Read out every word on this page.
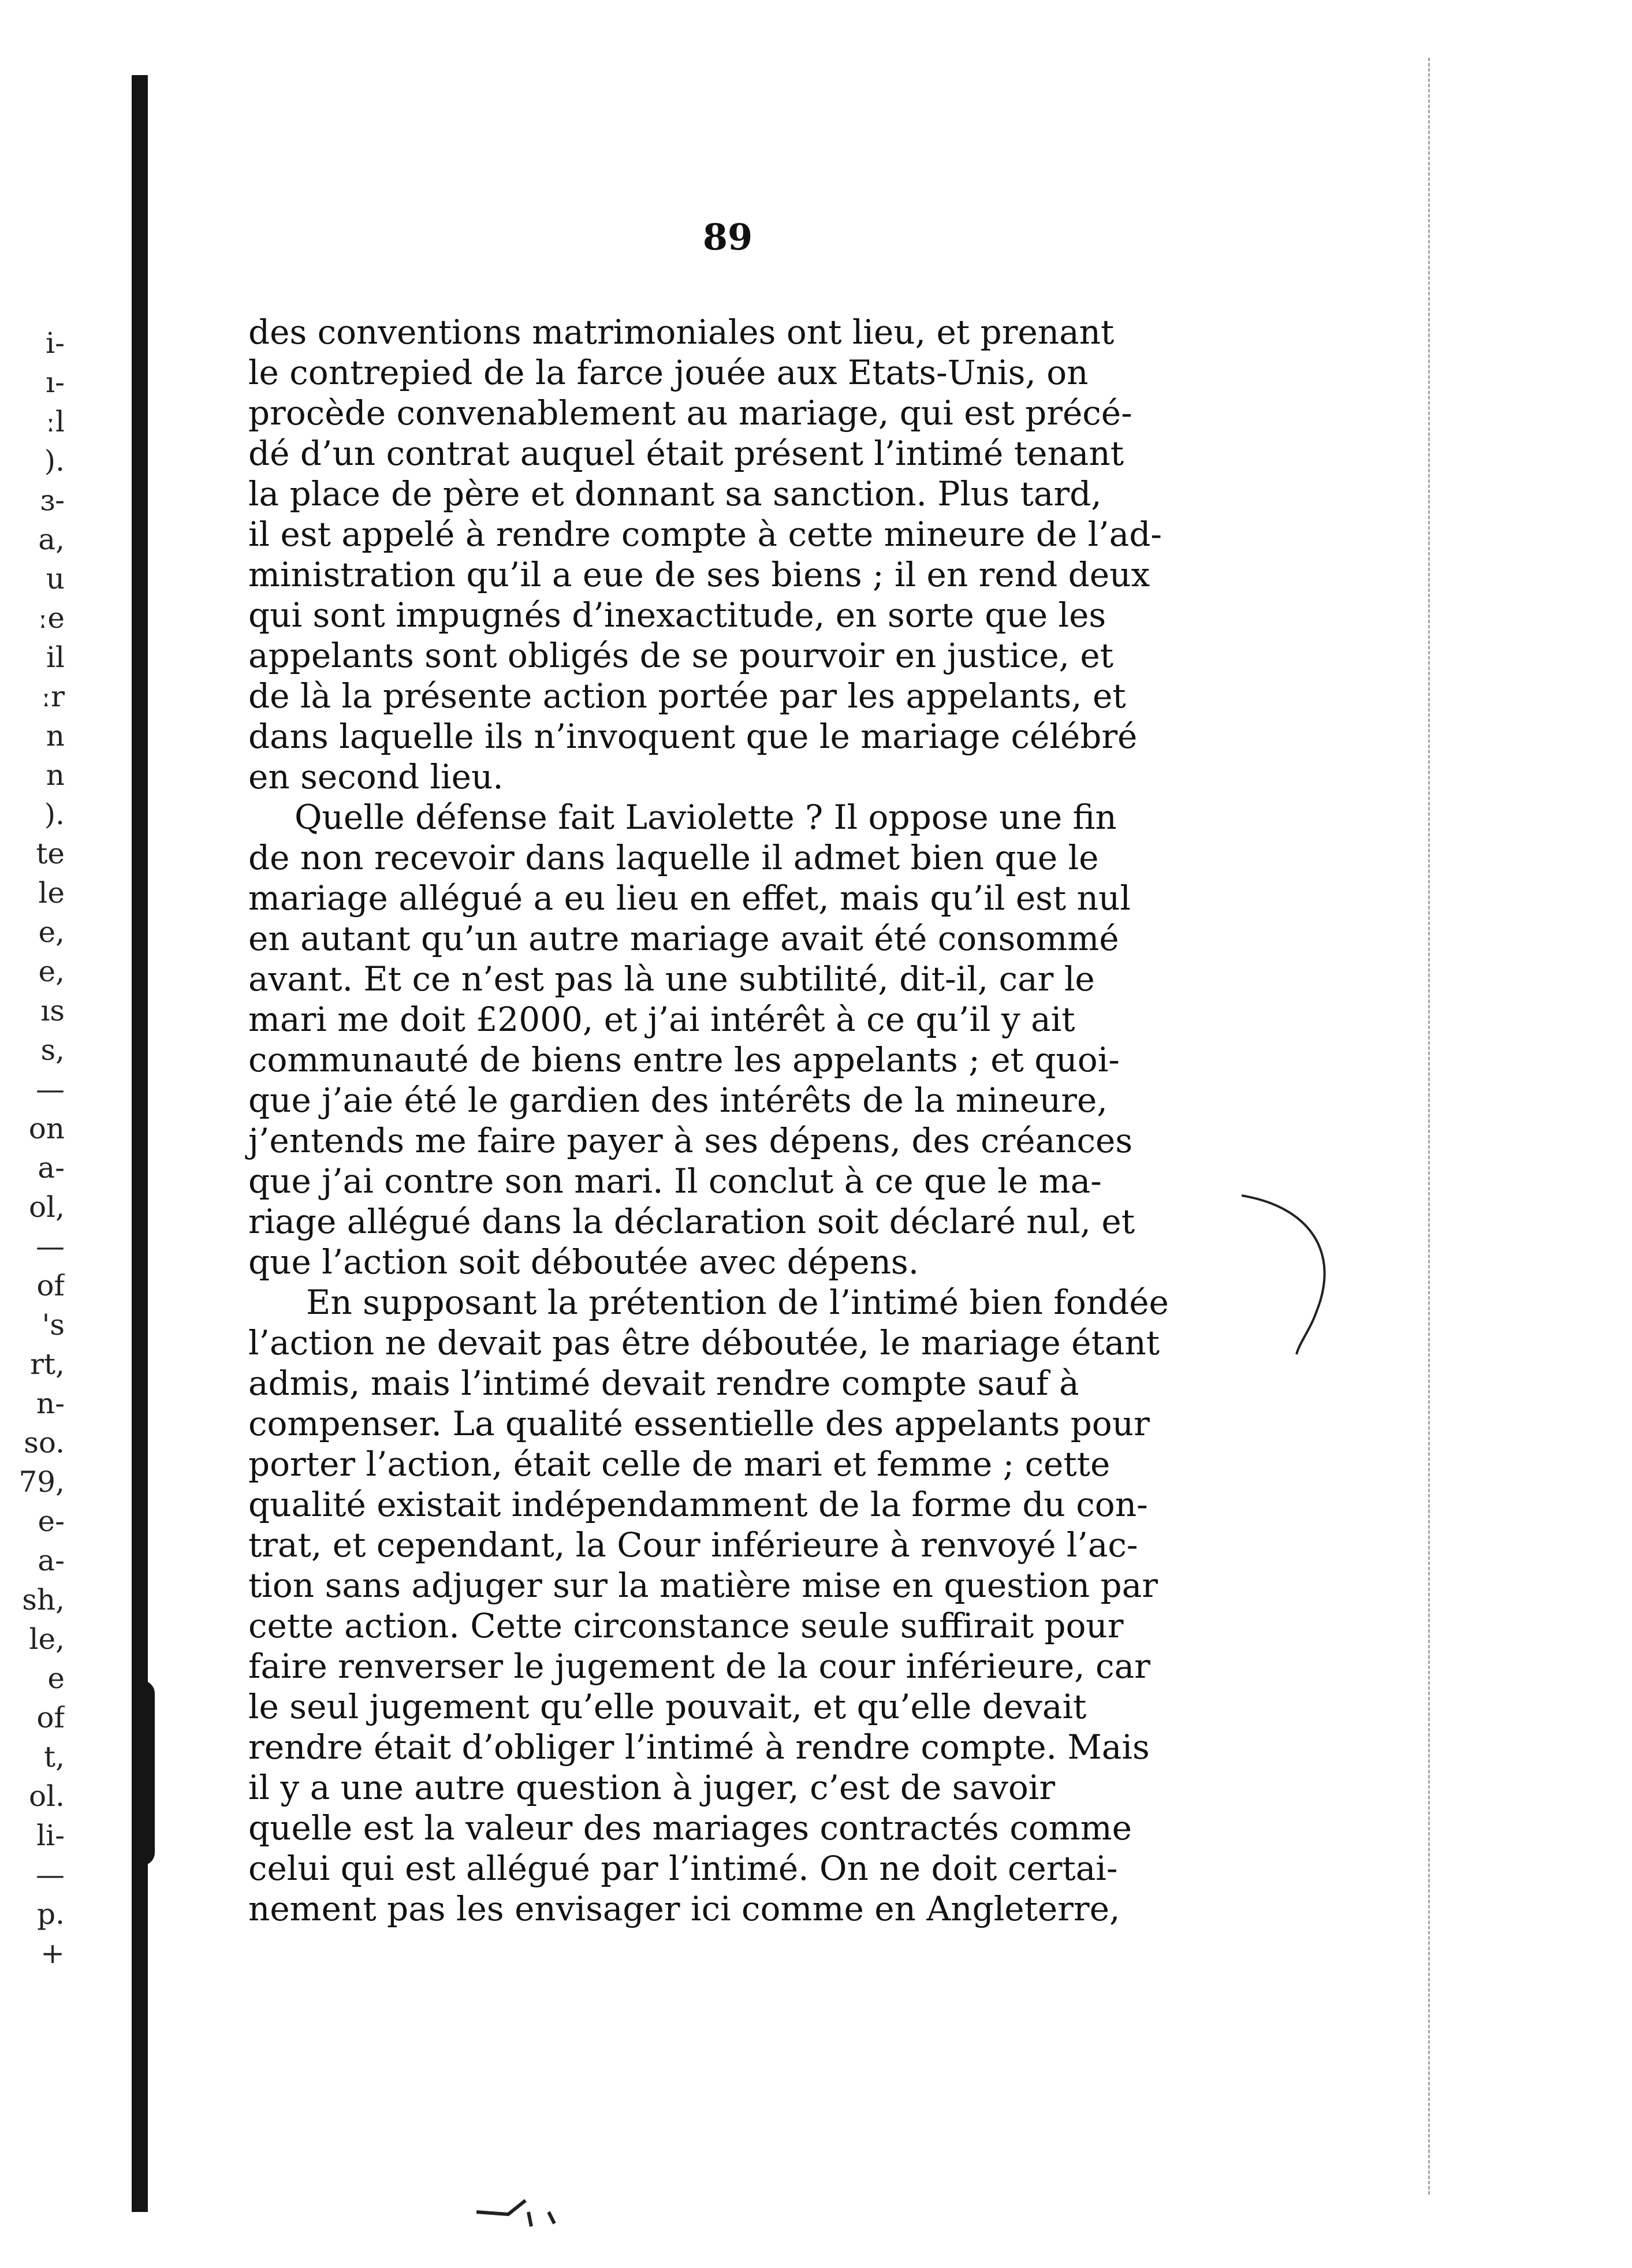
89
i-
ı-
ːl
).
ɜ-
a,
u
ːe
il
ːr
n
n
).
te
le
e,
e,
ıs
s,
—
on
a-
ol,
—
of
's
rt,
n-
so.
79,
e-
a-
sh,
le,
e
of
t,
ol.
li-
—
p.
+
des conventions matrimoniales ont lieu, et prenant
le contrepied de la farce jouée aux Etats-Unis, on
procède convenablement au mariage, qui est précé-
dé d’un contrat auquel était présent l’intimé tenant
la place de père et donnant sa sanction. Plus tard,
il est appelé à rendre compte à cette mineure de l’ad-
ministration qu’il a eue de ses biens ; il en rend deux
qui sont impugnés d’inexactitude, en sorte que les
appelants sont obligés de se pourvoir en justice, et
de là la présente action portée par les appelants, et
dans laquelle ils n’invoquent que le mariage célébré
en second lieu.
Quelle défense fait Laviolette ? Il oppose une fin
de non recevoir dans laquelle il admet bien que le
mariage allégué a eu lieu en effet, mais qu’il est nul
en autant qu’un autre mariage avait été consommé
avant. Et ce n’est pas là une subtilité, dit-il, car le
mari me doit £2000, et j’ai intérêt à ce qu’il y ait
communauté de biens entre les appelants ; et quoi-
que j’aie été le gardien des intérêts de la mineure,
j’entends me faire payer à ses dépens, des créances
que j’ai contre son mari. Il conclut à ce que le ma-
riage allégué dans la déclaration soit déclaré nul, et
que l’action soit déboutée avec dépens.
En supposant la prétention de l’intimé bien fondée
l’action ne devait pas être déboutée, le mariage étant
admis, mais l’intimé devait rendre compte sauf à
compenser. La qualité essentielle des appelants pour
porter l’action, était celle de mari et femme ; cette
qualité existait indépendamment de la forme du con-
trat, et cependant, la Cour inférieure à renvoyé l’ac-
tion sans adjuger sur la matière mise en question par
cette action. Cette circonstance seule suffirait pour
faire renverser le jugement de la cour inférieure, car
le seul jugement qu’elle pouvait, et qu’elle devait
rendre était d’obliger l’intimé à rendre compte. Mais
il y a une autre question à juger, c’est de savoir
quelle est la valeur des mariages contractés comme
celui qui est allégué par l’intimé. On ne doit certai-
nement pas les envisager ici comme en Angleterre,
